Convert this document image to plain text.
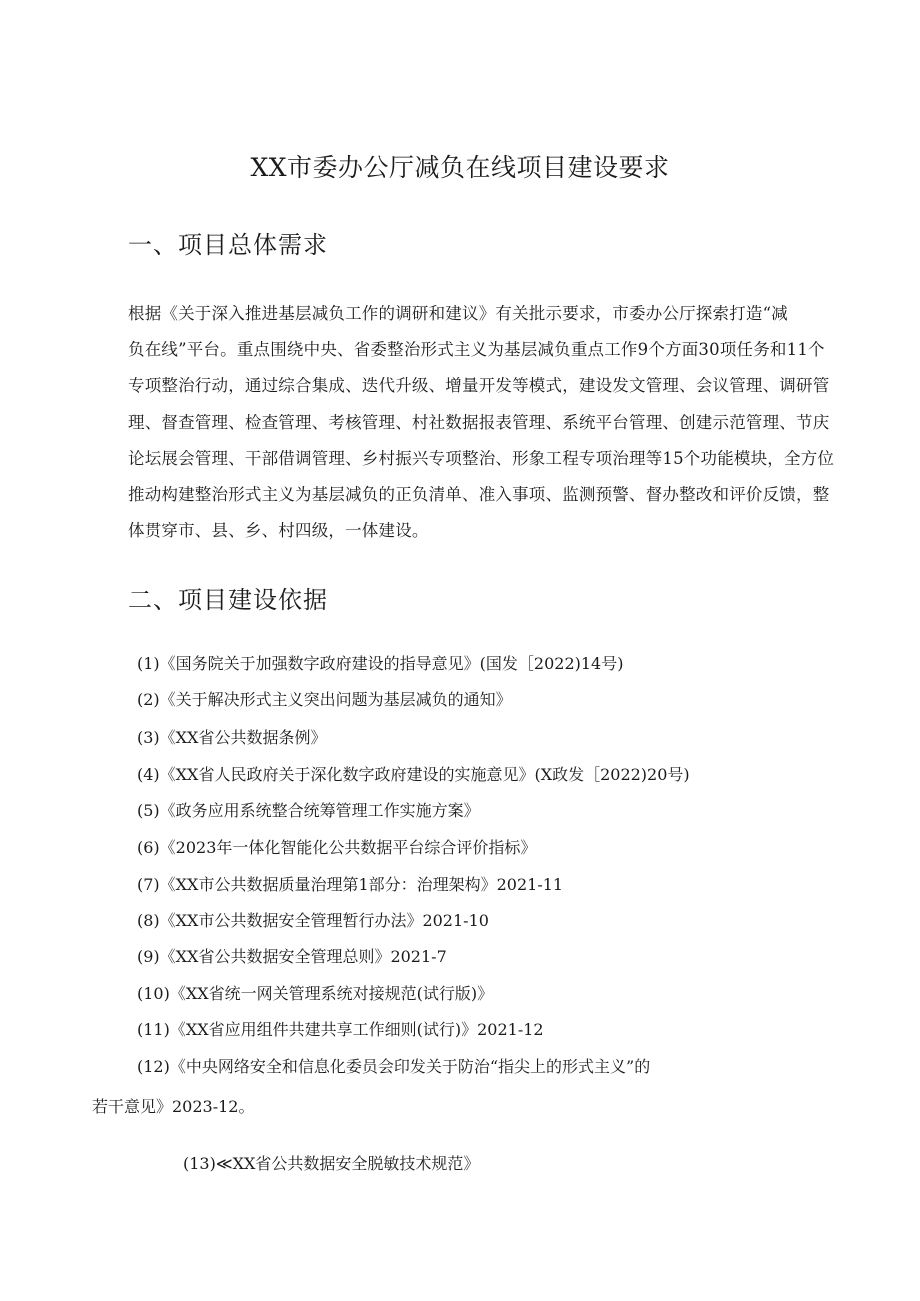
XX市委办公厅减负在线项目建设要求
一、项目总体需求
根据《关于深入推进基层减负工作的调研和建议》有关批示要求，市委办公厅探索打造“减
负在线”平台。重点围绕中央、省委整治形式主义为基层减负重点工作9个方面30项任务和11个
专项整治行动，通过综合集成、迭代升级、增量开发等模式，建设发文管理、会议管理、调研管
理、督查管理、检查管理、考核管理、村社数据报表管理、系统平台管理、创建示范管理、节庆
论坛展会管理、干部借调管理、乡村振兴专项整治、形象工程专项治理等15个功能模块，全方位
推动构建整治形式主义为基层减负的正负清单、准入事项、监测预警、督办整改和评价反馈，整
体贯穿市、县、乡、村四级，一体建设。
二、项目建设依据
(1)《国务院关于加强数字政府建设的指导意见》(国发［2022)14号)
(2)《关于解决形式主义突出问题为基层减负的通知》
(3)《XX省公共数据条例》
(4)《XX省人民政府关于深化数字政府建设的实施意见》(X政发［2022)20号)
(5)《政务应用系统整合统筹管理工作实施方案》
(6)《2023年一体化智能化公共数据平台综合评价指标》
(7)《XX市公共数据质量治理第1部分：治理架构》2021-11
(8)《XX市公共数据安全管理暂行办法》2021-10
(9)《XX省公共数据安全管理总则》2021-7
(10)《XX省统一网关管理系统对接规范(试行版)》
(11)《XX省应用组件共建共享工作细则(试行)》2021-12
(12)《中央网络安全和信息化委员会印发关于防治“指尖上的形式主义”的
若干意见》2023-12。
(13)≪XX省公共数据安全脱敏技术规范》
